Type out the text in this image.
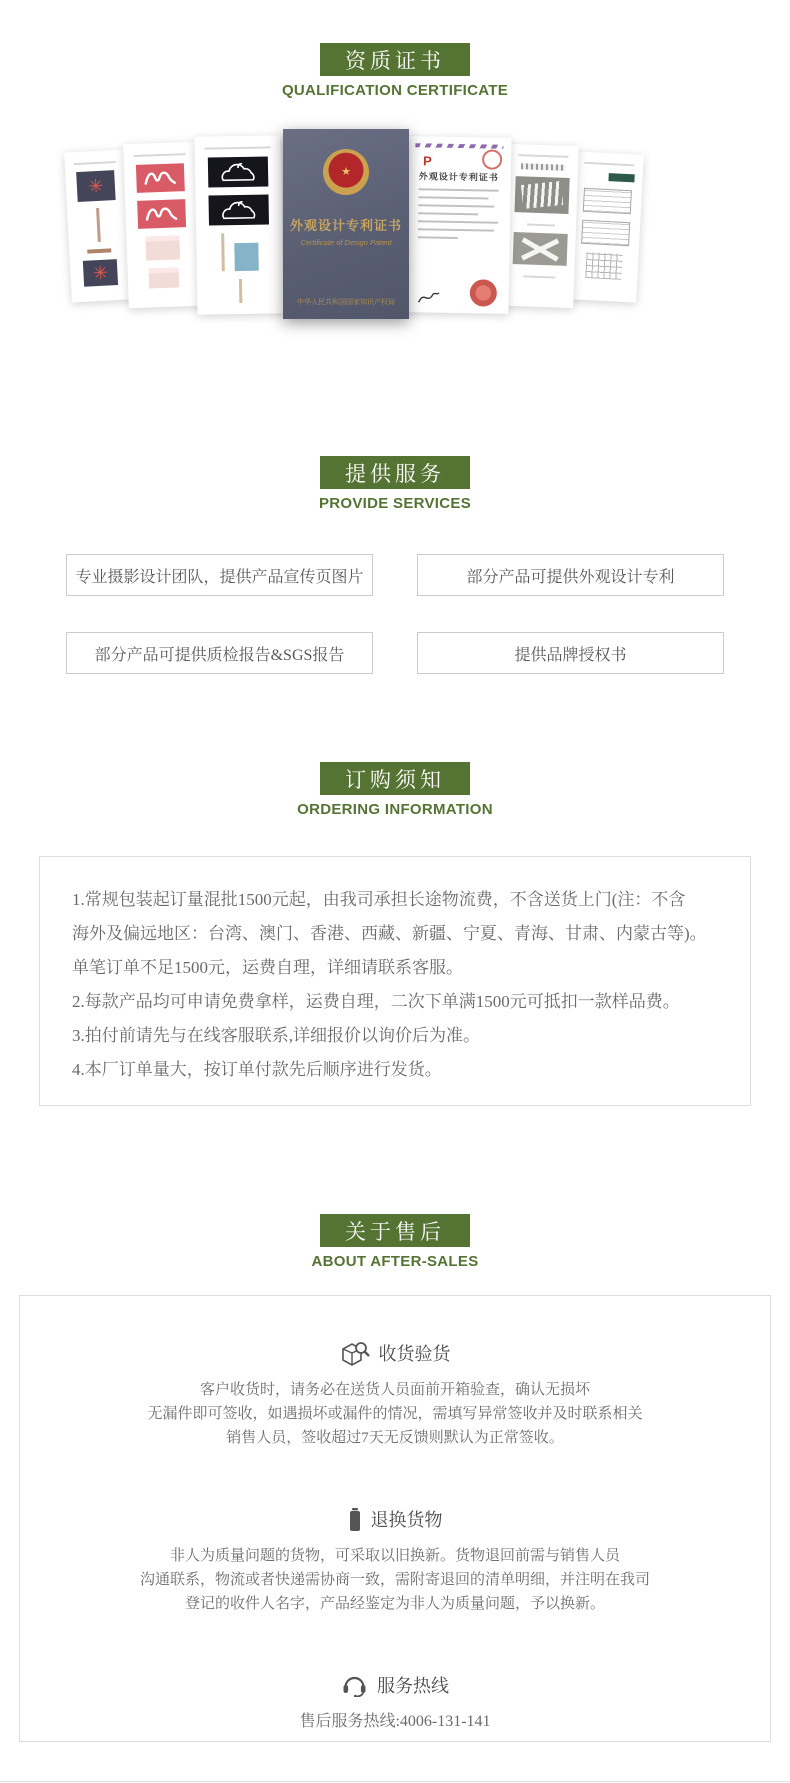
资质证书
QUALIFICATION CERTIFICATE
✳
✳
★
外观设计专利证书
Certificate of Design Patent
中华人民共和国国家知识产权局
P
外观设计专利证书
提供服务
PROVIDE SERVICES
专业摄影设计团队，提供产品宣传页图片	部分产品可提供外观设计专利
部分产品可提供质检报告&SGS报告	提供品牌授权书
订购须知
ORDERING INFORMATION
1.常规包装起订量混批1500元起，由我司承担长途物流费，不含送货上门(注：不含
海外及偏远地区：台湾、澳门、香港、西藏、新疆、宁夏、青海、甘肃、内蒙古等)。
单笔订单不足1500元，运费自理，详细请联系客服。
2.每款产品均可申请免费拿样，运费自理，二次下单满1500元可抵扣一款样品费。
3.拍付前请先与在线客服联系,详细报价以询价后为准。
4.本厂订单量大，按订单付款先后顺序进行发货。
关于售后
ABOUT AFTER-SALES
收货验货
客户收货时，请务必在送货人员面前开箱验查，确认无损坏
无漏件即可签收，如遇损坏或漏件的情况，需填写异常签收并及时联系相关
销售人员，签收超过7天无反馈则默认为正常签收。
退换货物
非人为质量问题的货物，可采取以旧换新。货物退回前需与销售人员
沟通联系，物流或者快递需协商一致，需附寄退回的清单明细，并注明在我司
登记的收件人名字，产品经鉴定为非人为质量问题，予以换新。
服务热线
售后服务热线:4006-131-141
